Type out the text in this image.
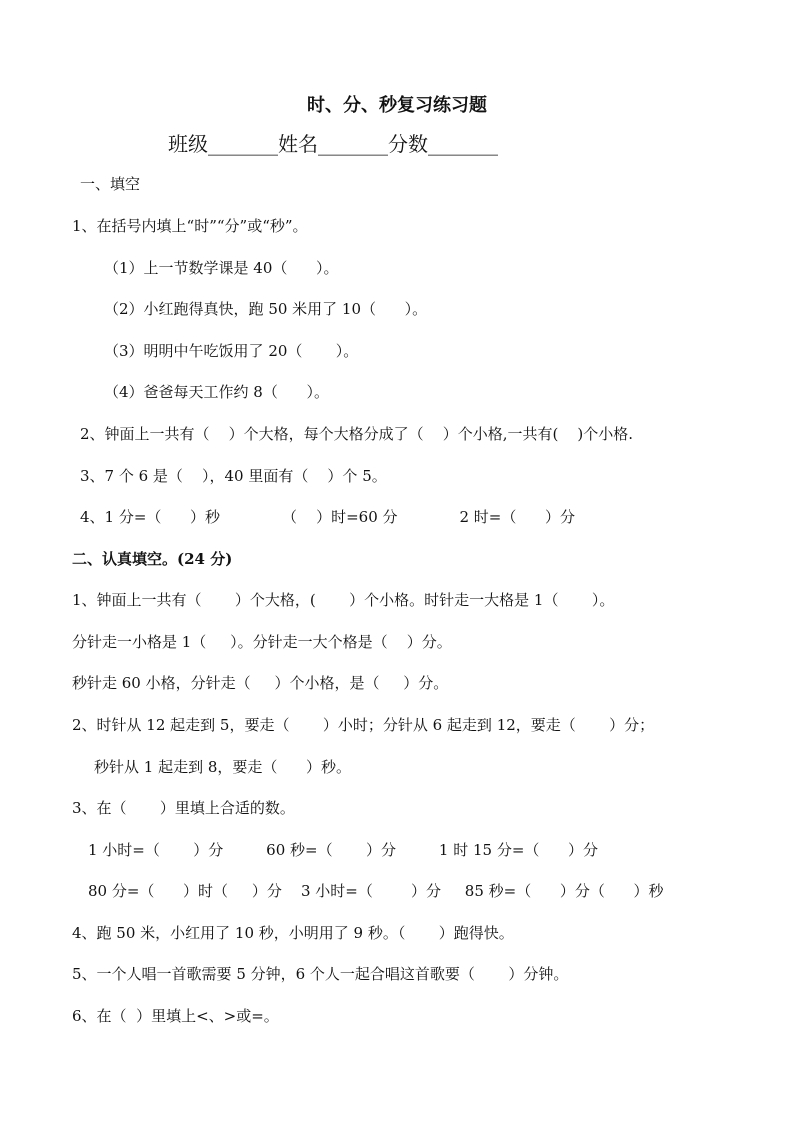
时、分、秒复习练习题
班级_______姓名_______分数_______
一、填空
1、在括号内填上“时”“分”或“秒”。
（1）上一节数学课是 40（      ）。
（2）小红跑得真快，跑 50 米用了 10（      ）。
（3）明明中午吃饭用了 20（       ）。
（4）爸爸每天工作约 8（      ）。
2、钟面上一共有（    ）个大格，每个大格分成了（    ）个小格,一共有(    )个小格.
3、7 个 6 是（    ），40 里面有（    ）个 5。
4、1 分=（      ）秒             （    ）时=60 分             2 时=（      ）分
二、认真填空。(24 分)
1、钟面上一共有（       ）个大格，(       ）个小格。时针走一大格是 1（       ）。
分针走一小格是 1（     ）。分针走一大个格是（    ）分。
秒针走 60 小格，分针走（     ）个小格，是（     ）分。
2、时针从 12 起走到 5，要走（       ）小时；分针从 6 起走到 12，要走（       ）分；
秒针从 1 起走到 8，要走（      ）秒。
3、在（       ）里填上合适的数。
1 小时=（       ）分         60 秒=（       ）分         1 时 15 分=（      ）分
80 分=（      ）时（     ）分    3 小时=（        ）分     85 秒=（      ）分（      ）秒
4、跑 50 米，小红用了 10 秒，小明用了 9 秒。（       ）跑得快。
5、一个人唱一首歌需要 5 分钟，6 个人一起合唱这首歌要（       ）分钟。
6、在（  ）里填上<、>或=。
